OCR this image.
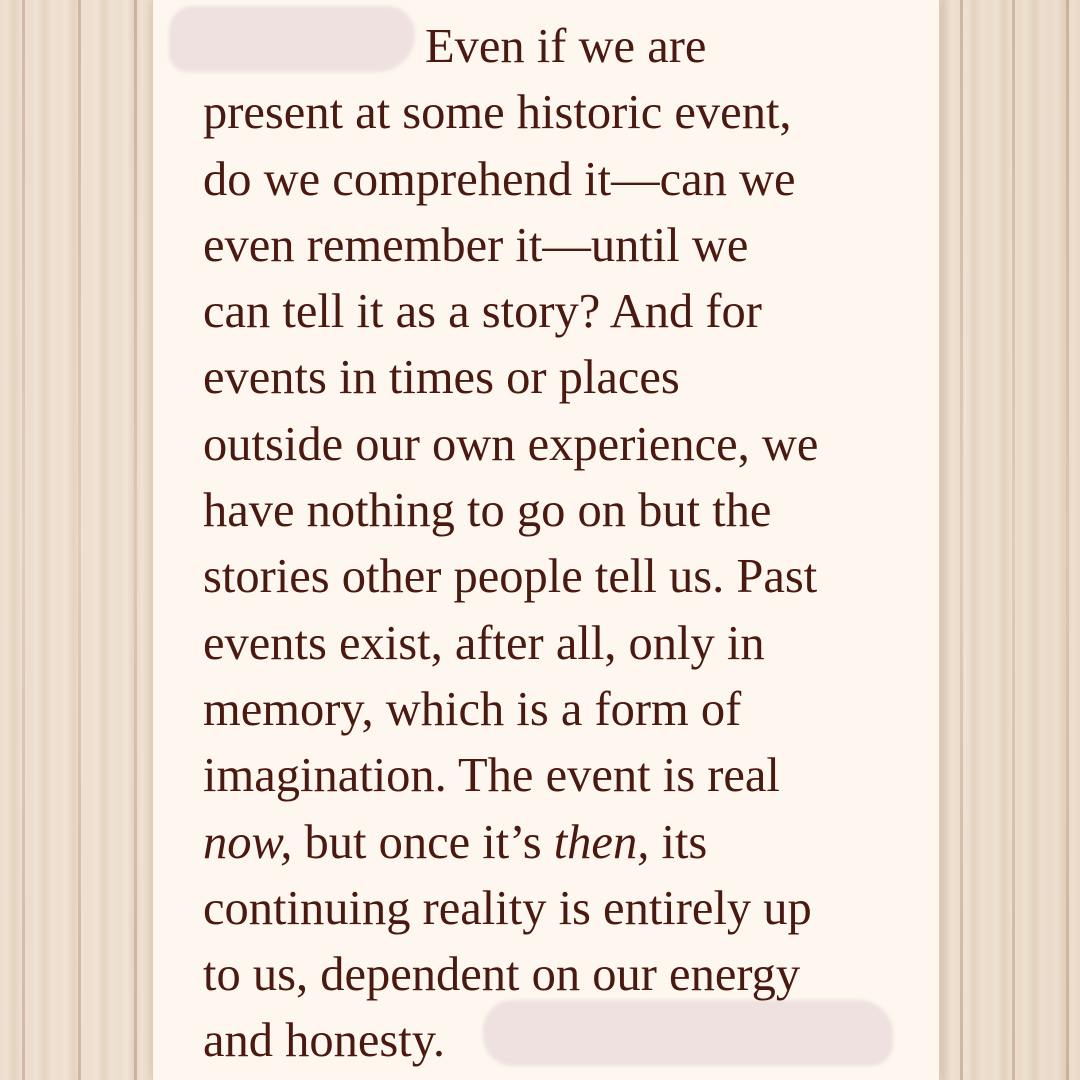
Even if we are
present at some historic event,
do we comprehend it—can we
even remember it—until we
can tell it as a story? And for
events in times or places
outside our own experience, we
have nothing to go on but the
stories other people tell us. Past
events exist, after all, only in
memory, which is a form of
imagination. The event is real
now, but once it’s then, its
continuing reality is entirely up
to us, dependent on our energy
and honesty.
